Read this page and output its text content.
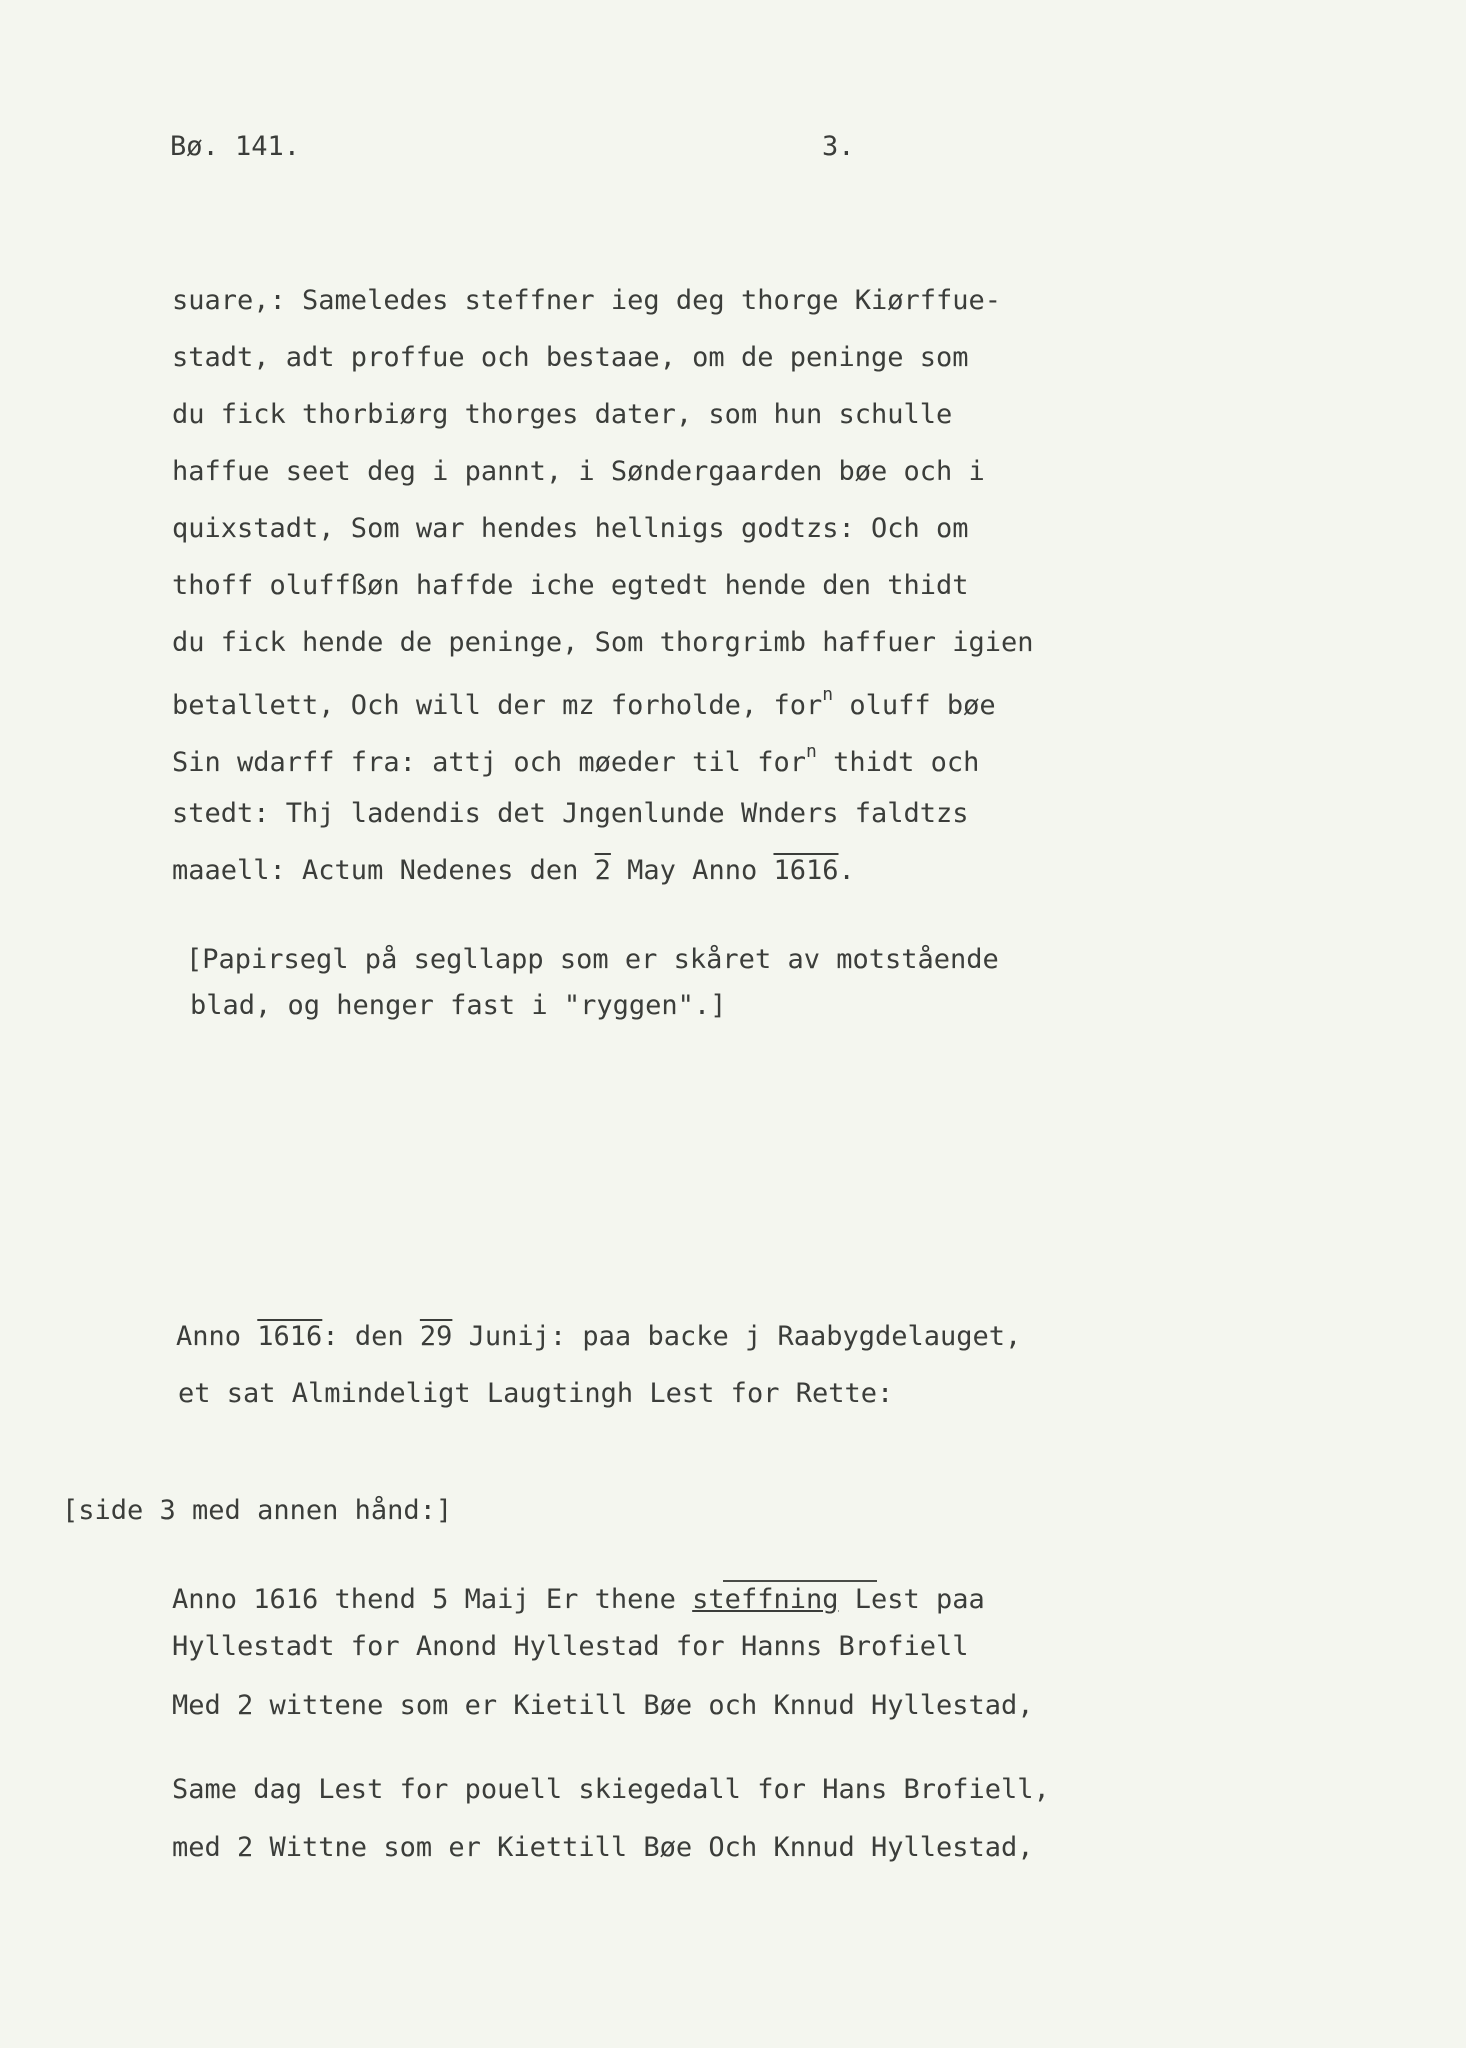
Bø. 141.	3.
suare,: Sameledes steffner ieg deg thorge Kiørffue-
stadt, adt proffue och bestaae, om de peninge som
du fick thorbiørg thorges dater, som hun schulle
haffue seet deg i pannt, i Søndergaarden bøe och i
quixstadt, Som war hendes hellnigs godtzs: Och om
thoff oluffßøn haffde iche egtedt hende den thidt
du fick hende de peninge, Som thorgrimb haffuer igien
betallett, Och will der mz forholde, for$^n$ oluff bøe
Sin wdarff fra: attj och møeder til for$^n$ thidt och
stedt: Thj ladendis det Jngenlunde Wnders faldtzs
maaell: Actum Nedenes den 2 May Anno 1616.
[Papirsegl på segllapp som er skåret av motstående
blad, og henger fast i "ryggen".]
Anno 1616: den 29 Junij: paa backe j Raabygdelauget,
et sat Almindeligt Laugtingh Lest for Rette:
[side 3 med annen hånd:]
Anno 1616 thend 5 Maij Er thene steffning Lest paa
Hyllestadt for Anond Hyllestad for Hanns Brofiell
Med 2 wittene som er Kietill Bøe och Knnud Hyllestad,
Same dag Lest for pouell skiegedall for Hans Brofiell,
med 2 Wittne som er Kiettill Bøe Och Knnud Hyllestad,
